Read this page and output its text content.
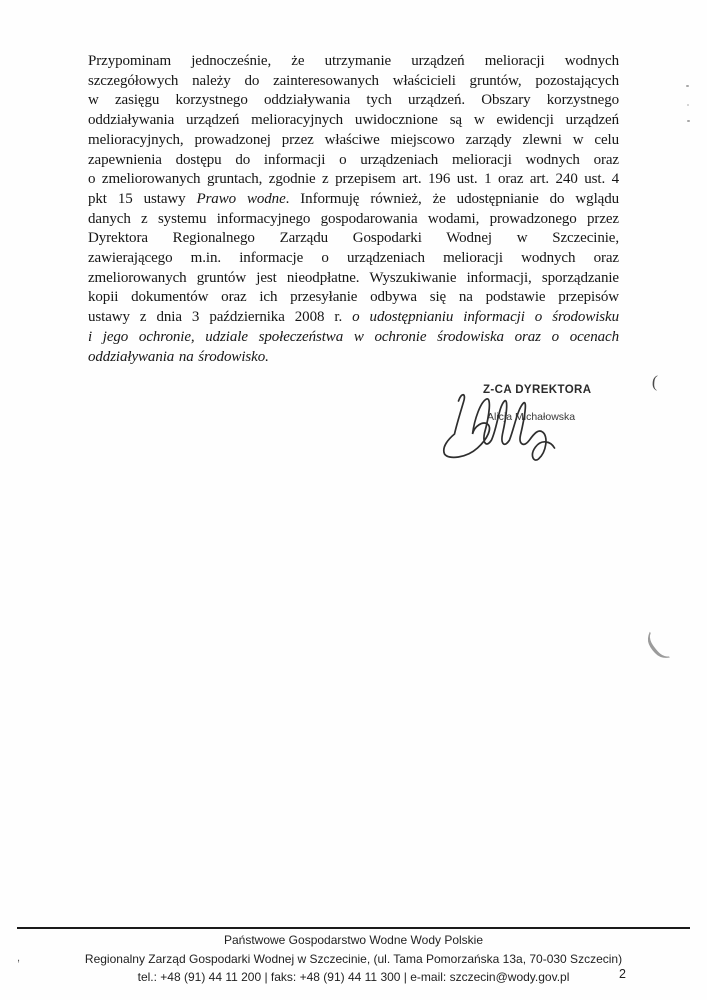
Przypominam jednocześnie, że utrzymanie urządzeń melioracji wodnych
szczegółowych należy do zainteresowanych właścicieli gruntów, pozostających
w zasięgu korzystnego oddziaływania tych urządzeń. Obszary korzystnego
oddziaływania urządzeń melioracyjnych uwidocznione są w ewidencji urządzeń
melioracyjnych, prowadzonej przez właściwe miejscowo zarządy zlewni w celu
zapewnienia dostępu do informacji o urządzeniach melioracji wodnych oraz
o zmeliorowanych gruntach, zgodnie z przepisem art. 196 ust. 1 oraz art. 240 ust. 4
pkt 15 ustawy Prawo wodne. Informuję również, że udostępnianie do wglądu
danych z systemu informacyjnego gospodarowania wodami, prowadzonego przez
Dyrektora Regionalnego Zarządu Gospodarki Wodnej w Szczecinie,
zawierającego m.in. informacje o urządzeniach melioracji wodnych oraz
zmeliorowanych gruntów jest nieodpłatne. Wyszukiwanie informacji, sporządzanie
kopii dokumentów oraz ich przesyłanie odbywa się na podstawie przepisów
ustawy z dnia 3 października 2008 r. o udostępnianiu informacji o środowisku
i jego ochronie, udziale społeczeństwa w ochronie środowiska oraz o ocenach
oddziaływania na środowisko.
Z-CA DYREKTORA
Alicja Michałowska
(
(
,
Państwowe Gospodarstwo Wodne Wody Polskie
Regionalny Zarząd Gospodarki Wodnej w Szczecinie, (ul. Tama Pomorzańska 13a, 70-030 Szczecin)
tel.: +48 (91) 44 11 200 | faks: +48 (91) 44 11 300 | e-mail: szczecin@wody.gov.pl	2
